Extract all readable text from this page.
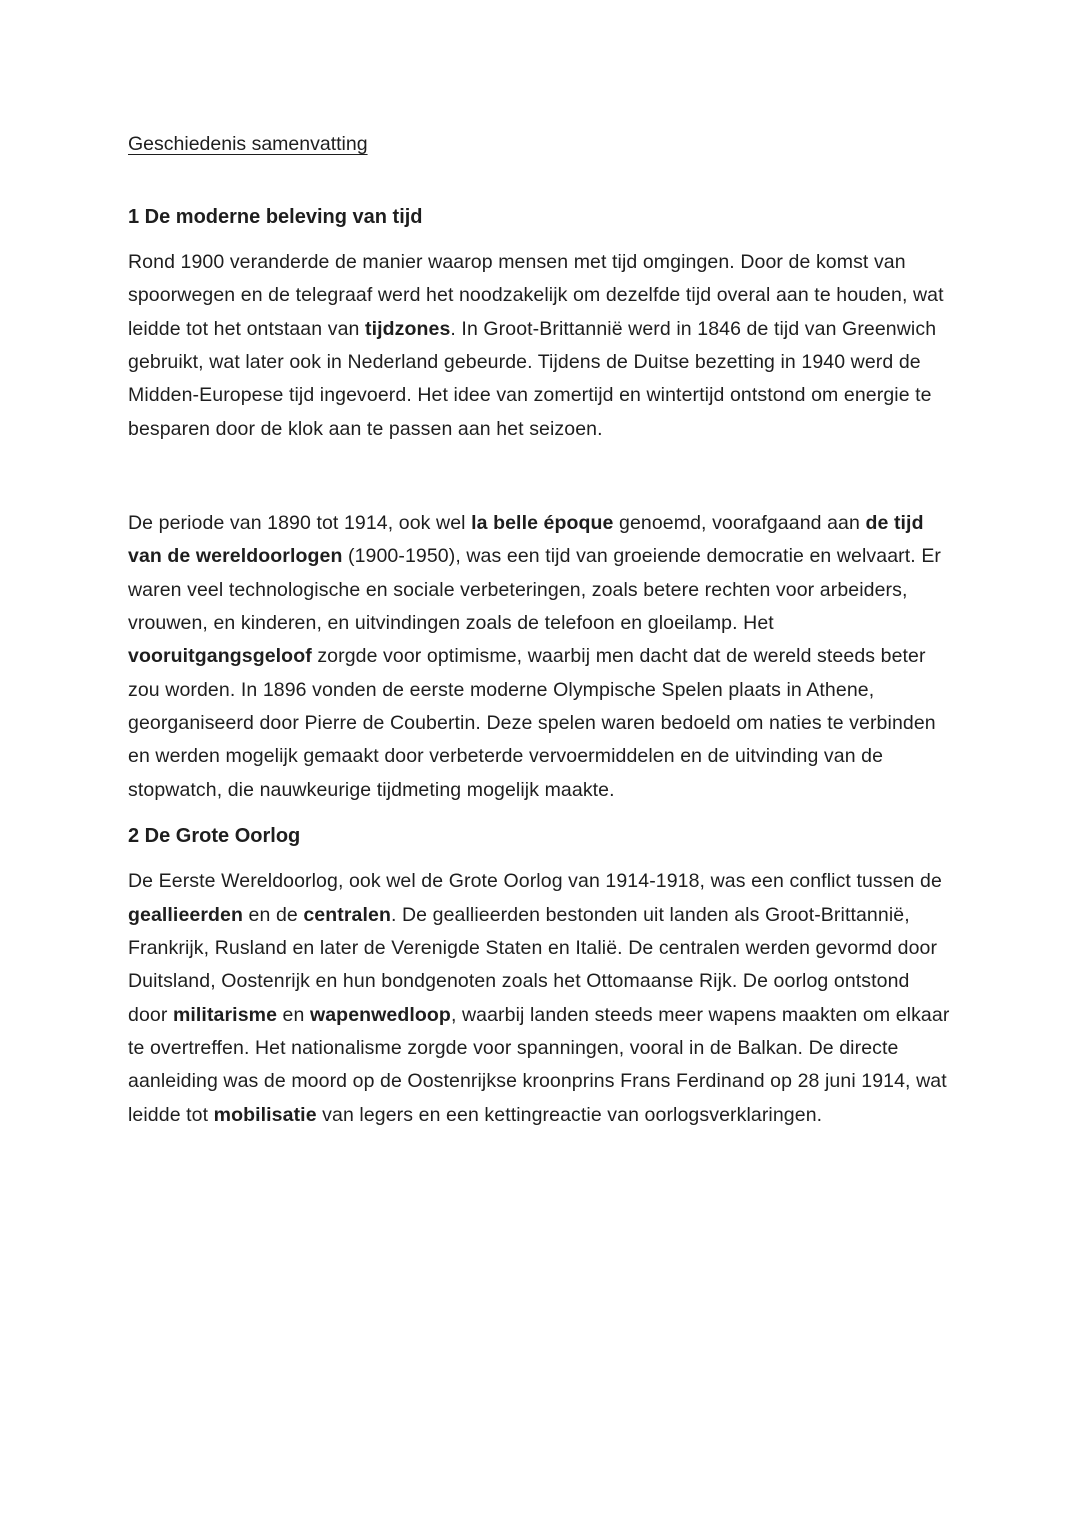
Geschiedenis samenvatting
1 De moderne beleving van tijd

Rond 1900 veranderde de manier waarop mensen met tijd omgingen. Door de komst van spoorwegen en de telegraaf werd het noodzakelijk om dezelfde tijd overal aan te houden, wat leidde tot het ontstaan van tijdzones. In Groot-Brittannië werd in 1846 de tijd van Greenwich gebruikt, wat later ook in Nederland gebeurde. Tijdens de Duitse bezetting in 1940 werd de Midden-Europese tijd ingevoerd. Het idee van zomertijd en wintertijd ontstond om energie te besparen door de klok aan te passen aan het seizoen.

De periode van 1890 tot 1914, ook wel la belle époque genoemd, voorafgaand aan de tijd van de wereldoorlogen (1900-1950), was een tijd van groeiende democratie en welvaart. Er waren veel technologische en sociale verbeteringen, zoals betere rechten voor arbeiders, vrouwen, en kinderen, en uitvindingen zoals de telefoon en gloeilamp. Het vooruitgangsgeloof zorgde voor optimisme, waarbij men dacht dat de wereld steeds beter zou worden. In 1896 vonden de eerste moderne Olympische Spelen plaats in Athene, georganiseerd door Pierre de Coubertin. Deze spelen waren bedoeld om naties te verbinden en werden mogelijk gemaakt door verbeterde vervoermiddelen en de uitvinding van de stopwatch, die nauwkeurige tijdmeting mogelijk maakte.

2 De Grote Oorlog

De Eerste Wereldoorlog, ook wel de Grote Oorlog van 1914-1918, was een conflict tussen de geallieerden en de centralen. De geallieerden bestonden uit landen als Groot-Brittannië, Frankrijk, Rusland en later de Verenigde Staten en Italië. De centralen werden gevormd door Duitsland, Oostenrijk en hun bondgenoten zoals het Ottomaanse Rijk. De oorlog ontstond door militarisme en wapenwedloop, waarbij landen steeds meer wapens maakten om elkaar te overtreffen. Het nationalisme zorgde voor spanningen, vooral in de Balkan. De directe aanleiding was de moord op de Oostenrijkse kroonprins Frans Ferdinand op 28 juni 1914, wat leidde tot mobilisatie van legers en een kettingreactie van oorlogsverklaringen.
